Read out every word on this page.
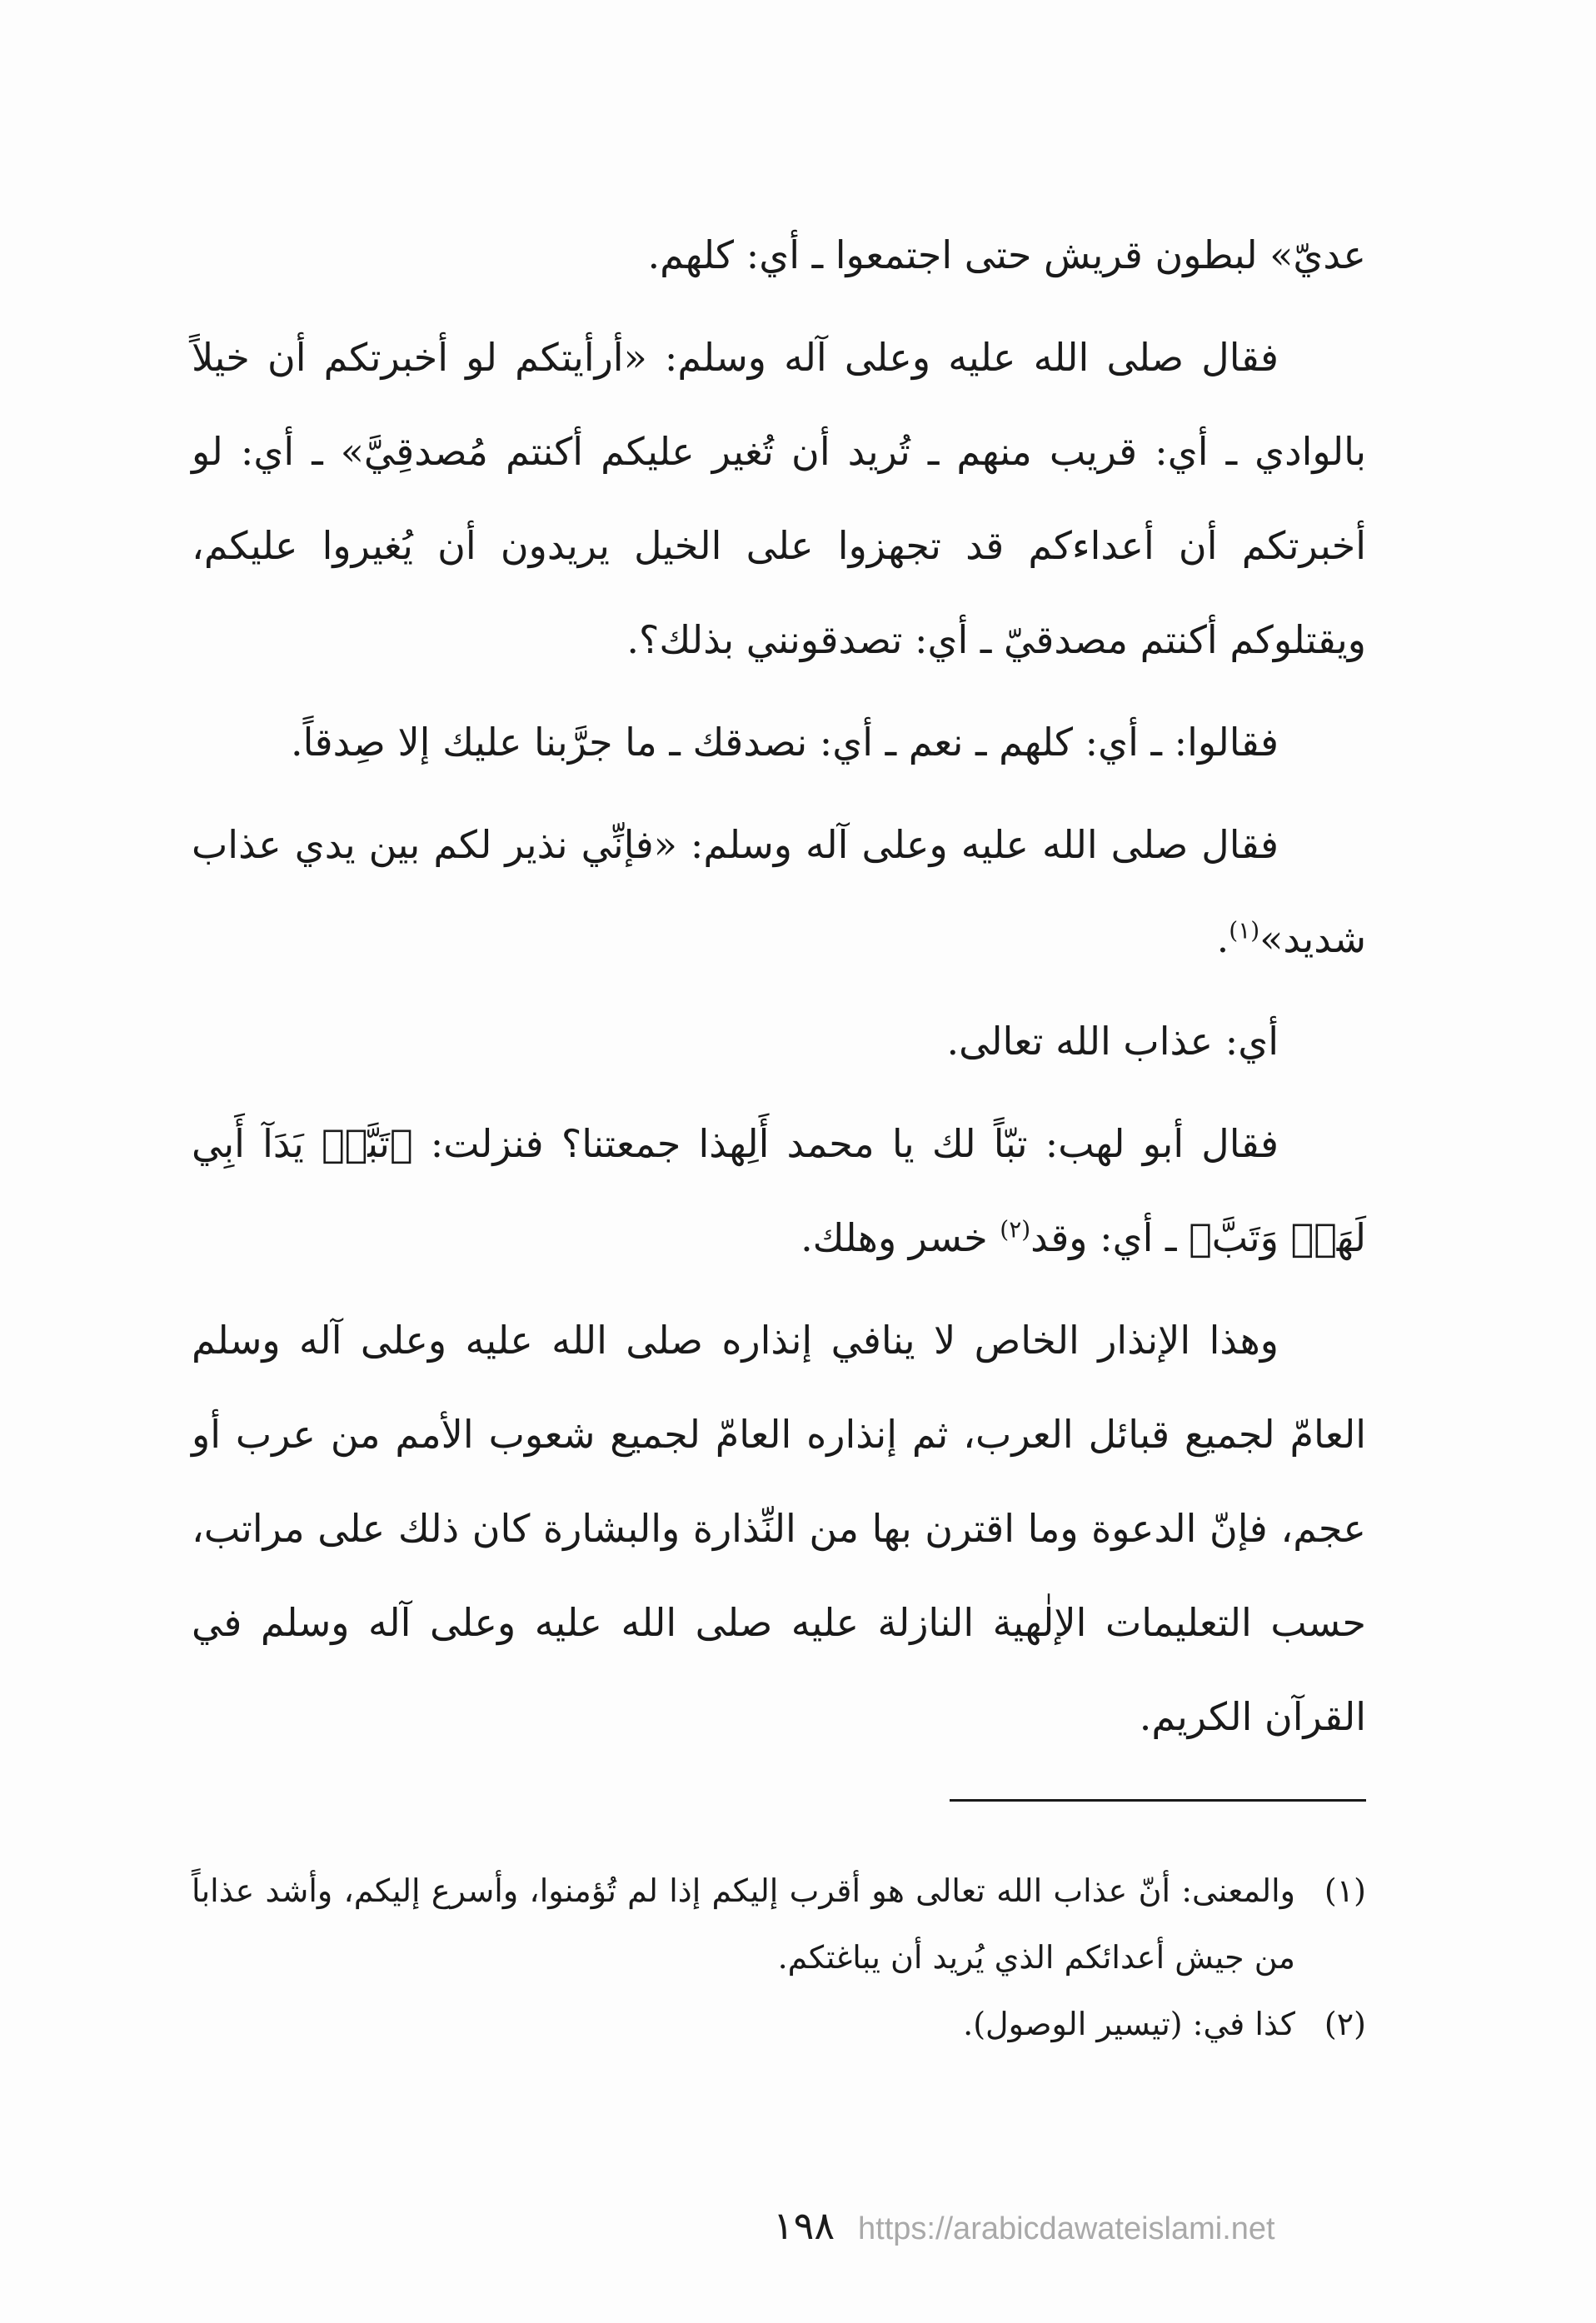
عديّ» لبطون قريش حتى اجتمعوا ـ أي: كلهم.

فقال صلى الله عليه وعلى آله وسلم: «أرأيتكم لو أخبرتكم أن خيلاً بالوادي ـ أي: قريب منهم ـ تُريد أن تُغير عليكم أكنتم مُصدقِيَّ» ـ أي: لو أخبرتكم أن أعداءكم قد تجهزوا على الخيل يريدون أن يُغيروا عليكم، ويقتلوكم أكنتم مصدقيّ ـ أي: تصدقونني بذلك؟.

فقالوا: ـ أي: كلهم ـ نعم ـ أي: نصدقك ـ ما جرَّبنا عليك إلا صِدقاً.

فقال صلى الله عليه وعلى آله وسلم: «فإنِّي نذير لكم بين يدي عذاب شديد»$^{(١)}$.

أي: عذاب الله تعالى.

فقال أبو لهب: تبّاً لك يا محمد أَلِهذا جمعتنا؟ فنزلت: ﴿تَبَّتۡ يَدَآ أَبِي لَهَبٖ وَتَبَّ﴾ ـ أي: وقد$^{(٢)}$ خسر وهلك.

وهذا الإنذار الخاص لا ينافي إنذاره صلى الله عليه وعلى آله وسلم العامّ لجميع قبائل العرب، ثم إنذاره العامّ لجميع شعوب الأمم من عرب أو عجم، فإنّ الدعوة وما اقترن بها من النِّذارة والبشارة كان ذلك على مراتب، حسب التعليمات الإلٰهية النازلة عليه صلى الله عليه وعلى آله وسلم في القرآن الكريم.

(١)والمعنى: أنّ عذاب الله تعالى هو أقرب إليكم إذا لم تُؤمنوا، وأسرع إليكم، وأشد عذاباً من جيش أعدائكم الذي يُريد أن يباغتكم.

(٢)كذا في: (تيسير الوصول).

١٩٨ https://arabicdawateislami.net
